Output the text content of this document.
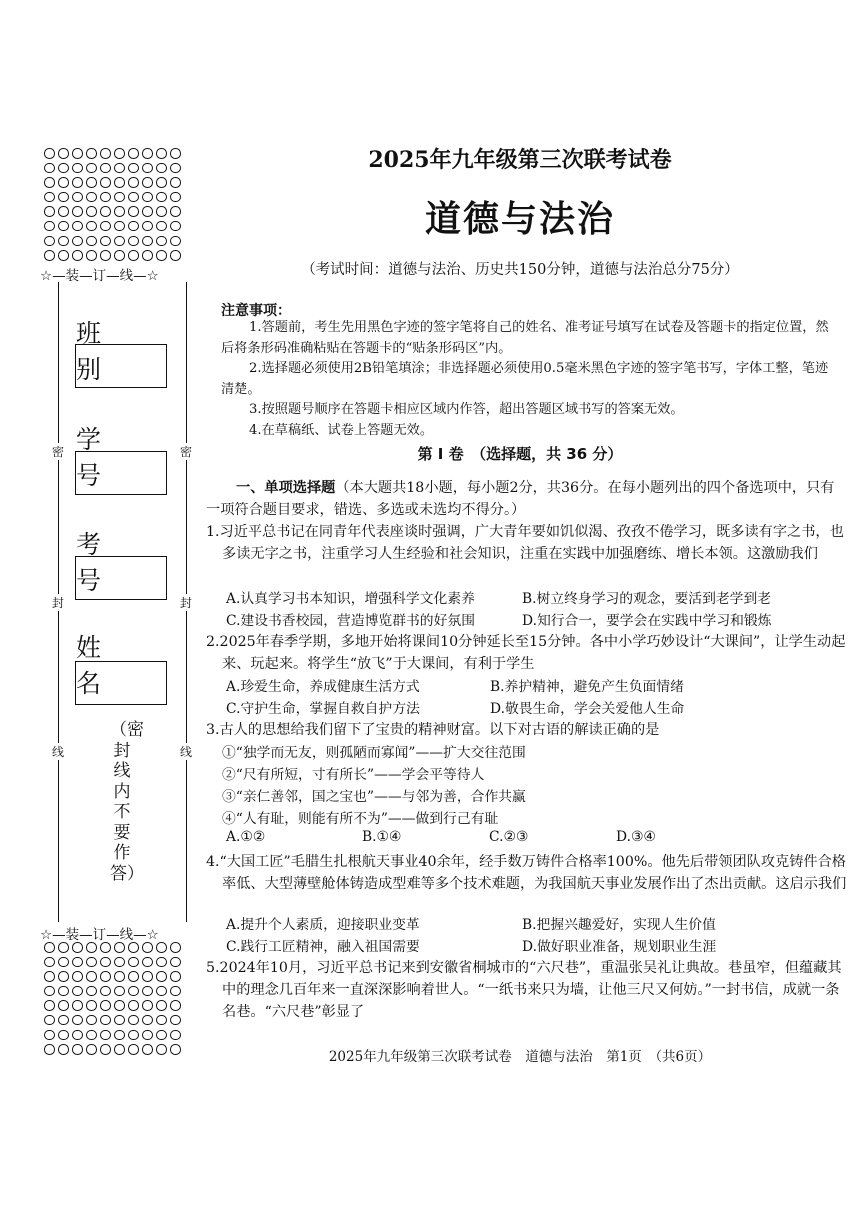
☆—装—订—线—☆
☆—装—订—线—☆
密	密
封	封
线	线
班 别
学 号
考 号
姓 名
（密封线内不要作答）
2025年九年级第三次联考试卷
道德与法治
（考试时间：道德与法治、历史共150分钟，道德与法治总分75分）
注意事项：
1.答题前，考生先用黑色字迹的签字笔将自己的姓名、准考证号填写在试卷及答题卡的指定位置，然后将条形码准确粘贴在答题卡的“贴条形码区”内。
2.选择题必须使用2B铅笔填涂；非选择题必须使用0.5毫米黑色字迹的签字笔书写，字体工整，笔迹清楚。
3.按照题号顺序在答题卡相应区域内作答，超出答题区域书写的答案无效。
4.在草稿纸、试卷上答题无效。
第 I 卷　（选择题，共 36 分）
一、单项选择题（本大题共18小题，每小题2分，共36分。在每小题列出的四个备选项中，只有一项符合题目要求，错选、多选或未选均不得分。）
1.习近平总书记在同青年代表座谈时强调，广大青年要如饥似渴、孜孜不倦学习，既多读有字之书，也多读无字之书，注重学习人生经验和社会知识，注重在实践中加强磨练、增长本领。这激励我们
A.认真学习书本知识，增强科学文化素养	B.树立终身学习的观念，要活到老学到老
C.建设书香校园，营造博览群书的好氛围	D.知行合一，要学会在实践中学习和锻炼
2.2025年春季学期，多地开始将课间10分钟延长至15分钟。各中小学巧妙设计“大课间”，让学生动起来、玩起来。将学生“放飞”于大课间，有利于学生
A.珍爱生命，养成健康生活方式	B.养护精神，避免产生负面情绪
C.守护生命，掌握自救自护方法	D.敬畏生命，学会关爱他人生命
3.古人的思想给我们留下了宝贵的精神财富。以下对古语的解读正确的是
①“独学而无友，则孤陋而寡闻”——扩大交往范围
②“尺有所短，寸有所长”——学会平等待人
③“亲仁善邻，国之宝也”——与邻为善，合作共赢
④“人有耻，则能有所不为”——做到行己有耻
A.①②	B.①④	C.②③	D.③④
4.“大国工匠”毛腊生扎根航天事业40余年，经手数万铸件合格率100%。他先后带领团队攻克铸件合格率低、大型薄壁舱体铸造成型难等多个技术难题，为我国航天事业发展作出了杰出贡献。这启示我们
A.提升个人素质，迎接职业变革	B.把握兴趣爱好，实现人生价值
C.践行工匠精神，融入祖国需要	D.做好职业准备，规划职业生涯
5.2024年10月，习近平总书记来到安徽省桐城市的“六尺巷”，重温张吴礼让典故。巷虽窄，但蕴藏其中的理念几百年来一直深深影响着世人。“一纸书来只为墙，让他三尺又何妨。”一封书信，成就一条名巷。“六尺巷”彰显了
2025年九年级第三次联考试卷　道德与法治　第1页　（共6页）
